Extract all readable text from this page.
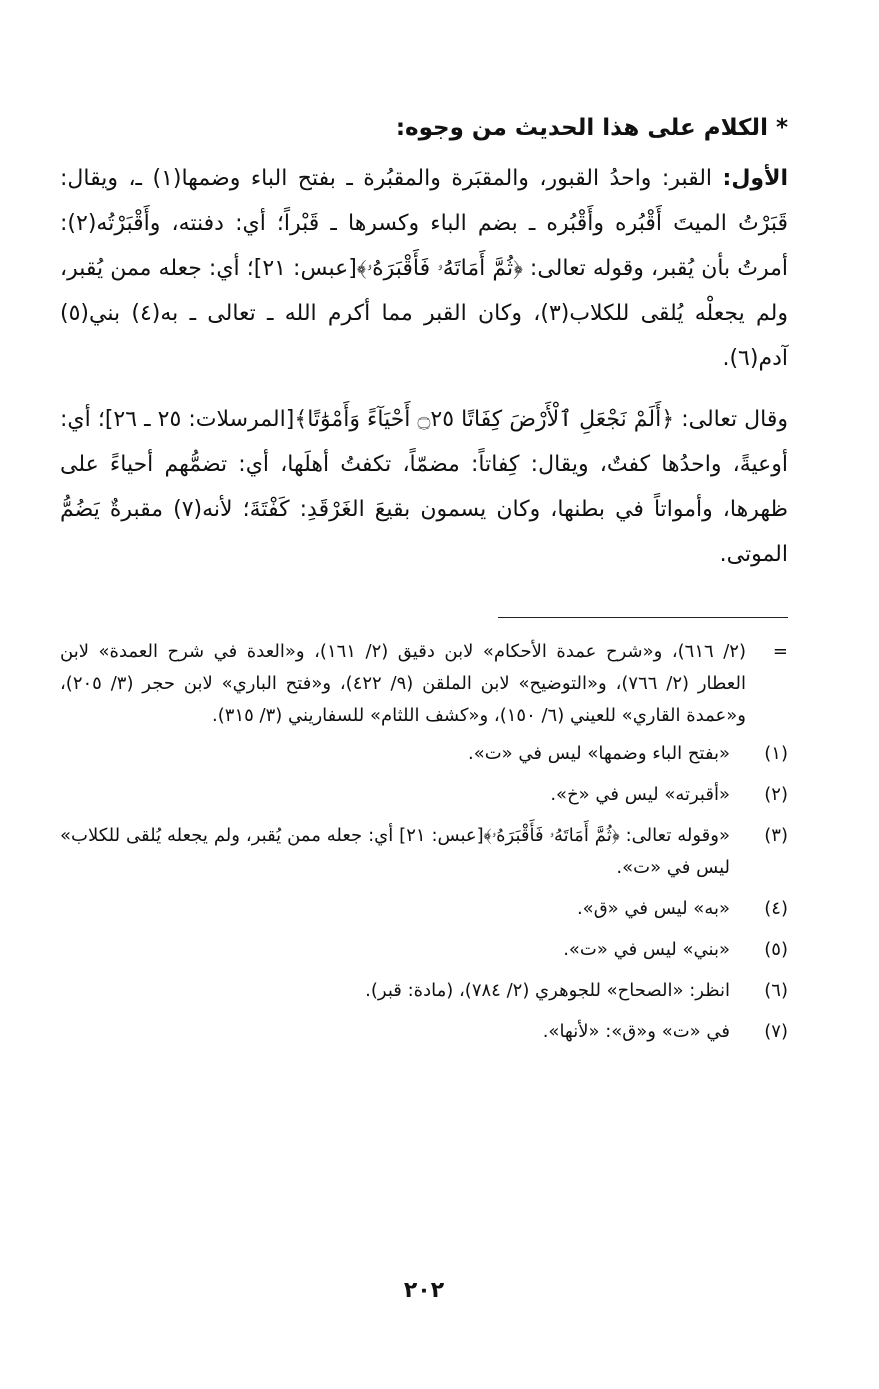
* الكلام على هذا الحديث من وجوه:

الأول: القبر: واحدُ القبور، والمقبَرة والمقبُرة ـ بفتح الباء وضمها(١) ـ، ويقال: قَبَرْتُ الميتَ أَقْبُره وأَقْبُره ـ بضم الباء وكسرها ـ قَبْراً؛ أي: دفنته، وأَقْبَرْتُه(٢): أمرتُ بأن يُقبر، وقوله تعالى: ﴿ثُمَّ أَمَاتَهُۥ فَأَقْبَرَهُۥ﴾[عبس: ٢١]؛ أي: جعله ممن يُقبر، ولم يجعلْه يُلقى للكلاب(٣)، وكان القبر مما أكرم الله ـ تعالى ـ به(٤) بني(٥) آدم(٦).

وقال تعالى: ﴿أَلَمْ نَجْعَلِ ٱلْأَرْضَ كِفَاتًا ۝٢٥ أَحْيَآءً وَأَمْوَٰتًا﴾[المرسلات: ٢٥ ـ ٢٦]؛ أي: أوعيةً، واحدُها كفتٌ، ويقال: كِفاتاً: مضمّاً، تكفتُ أهلَها، أي: تضمُّهم أحياءً على ظهرها، وأمواتاً في بطنها، وكان يسمون بقيعَ الغَرْقَدِ: كَفْتَةَ؛ لأنه(٧) مقبرةٌ يَضُمُّ الموتى.

=
(٢/ ٦١٦)، و«شرح عمدة الأحكام» لابن دقيق (٢/ ١٦١)، و«العدة في شرح العمدة» لابن العطار (٢/ ٧٦٦)، و«التوضيح» لابن الملقن (٩/ ٤٢٢)، و«فتح الباري» لابن حجر (٣/ ٢٠٥)، و«عمدة القاري» للعيني (٦/ ١٥٠)، و«كشف اللثام» للسفاريني (٣/ ٣١٥).

(١)
«بفتح الباء وضمها» ليس في «ت».
(٢)
«أقبرته» ليس في «خ».
(٣)
«وقوله تعالى: ﴿ثُمَّ أَمَاتَهُۥ فَأَقْبَرَهُۥ﴾[عبس: ٢١] أي: جعله ممن يُقبر، ولم يجعله يُلقى للكلاب» ليس في «ت».
(٤)
«به» ليس في «ق».
(٥)
«بني» ليس في «ت».
(٦)
انظر: «الصحاح» للجوهري (٢/ ٧٨٤)، (مادة: قبر).
(٧)
في «ت» و«ق»: «لأنها».
٢٠٢
